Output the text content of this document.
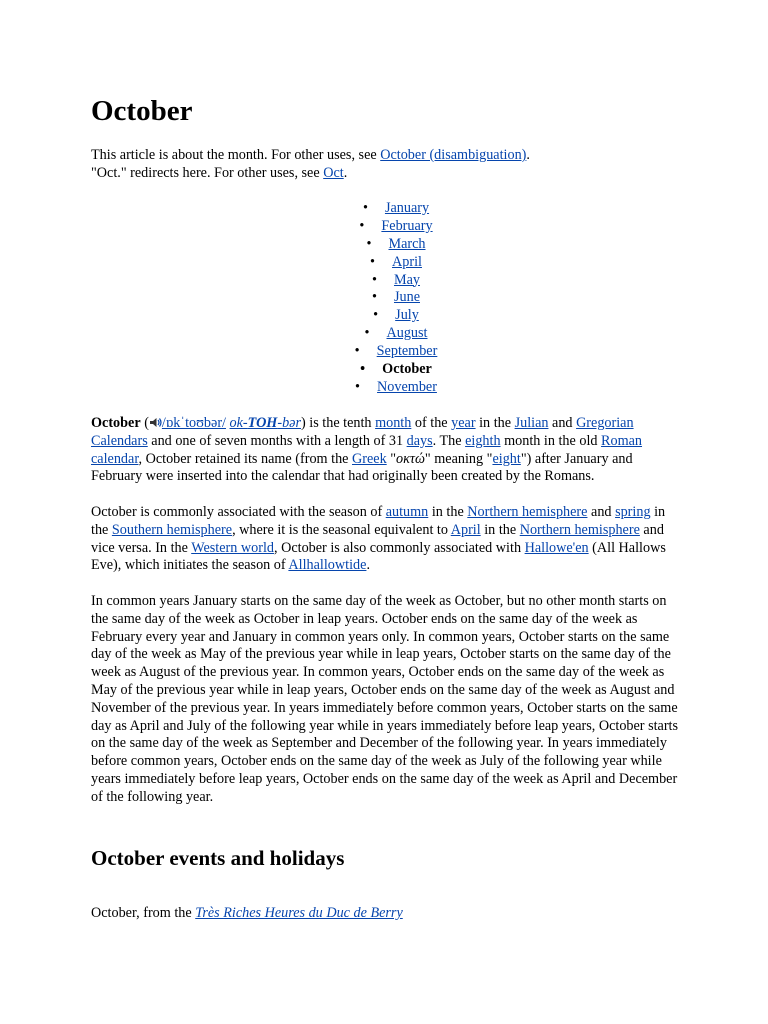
October

This article is about the month. For other uses, see October (disambiguation).

"Oct." redirects here. For other uses, see Oct.

• January
• February
• March
• April
• May
• June
• July
• August
• September
• October
• November

October ( /ɒkˈtoʊbər/ ok-TOH-bər) is the tenth month of the year in the Julian and Gregorian Calendars and one of seven months with a length of 31 days. The eighth month in the old Roman calendar, October retained its name (from the Greek "οκτώ" meaning "eight") after January and February were inserted into the calendar that had originally been created by the Romans.

October is commonly associated with the season of autumn in the Northern hemisphere and spring in the Southern hemisphere, where it is the seasonal equivalent to April in the Northern hemisphere and vice versa. In the Western world, October is also commonly associated with Hallowe'en (All Hallows Eve), which initiates the season of Allhallowtide.

In common years January starts on the same day of the week as October, but no other month starts on the same day of the week as October in leap years. October ends on the same day of the week as February every year and January in common years only. In common years, October starts on the same day of the week as May of the previous year while in leap years, October starts on the same day of the week as August of the previous year. In common years, October ends on the same day of the week as May of the previous year while in leap years, October ends on the same day of the week as August and November of the previous year. In years immediately before common years, October starts on the same day as April and July of the following year while in years immediately before leap years, October starts on the same day of the week as September and December of the following year. In years immediately before common years, October ends on the same day of the week as July of the following year while years immediately before leap years, October ends on the same day of the week as April and December of the following year.

October events and holidays

October, from the Très Riches Heures du Duc de Berry
